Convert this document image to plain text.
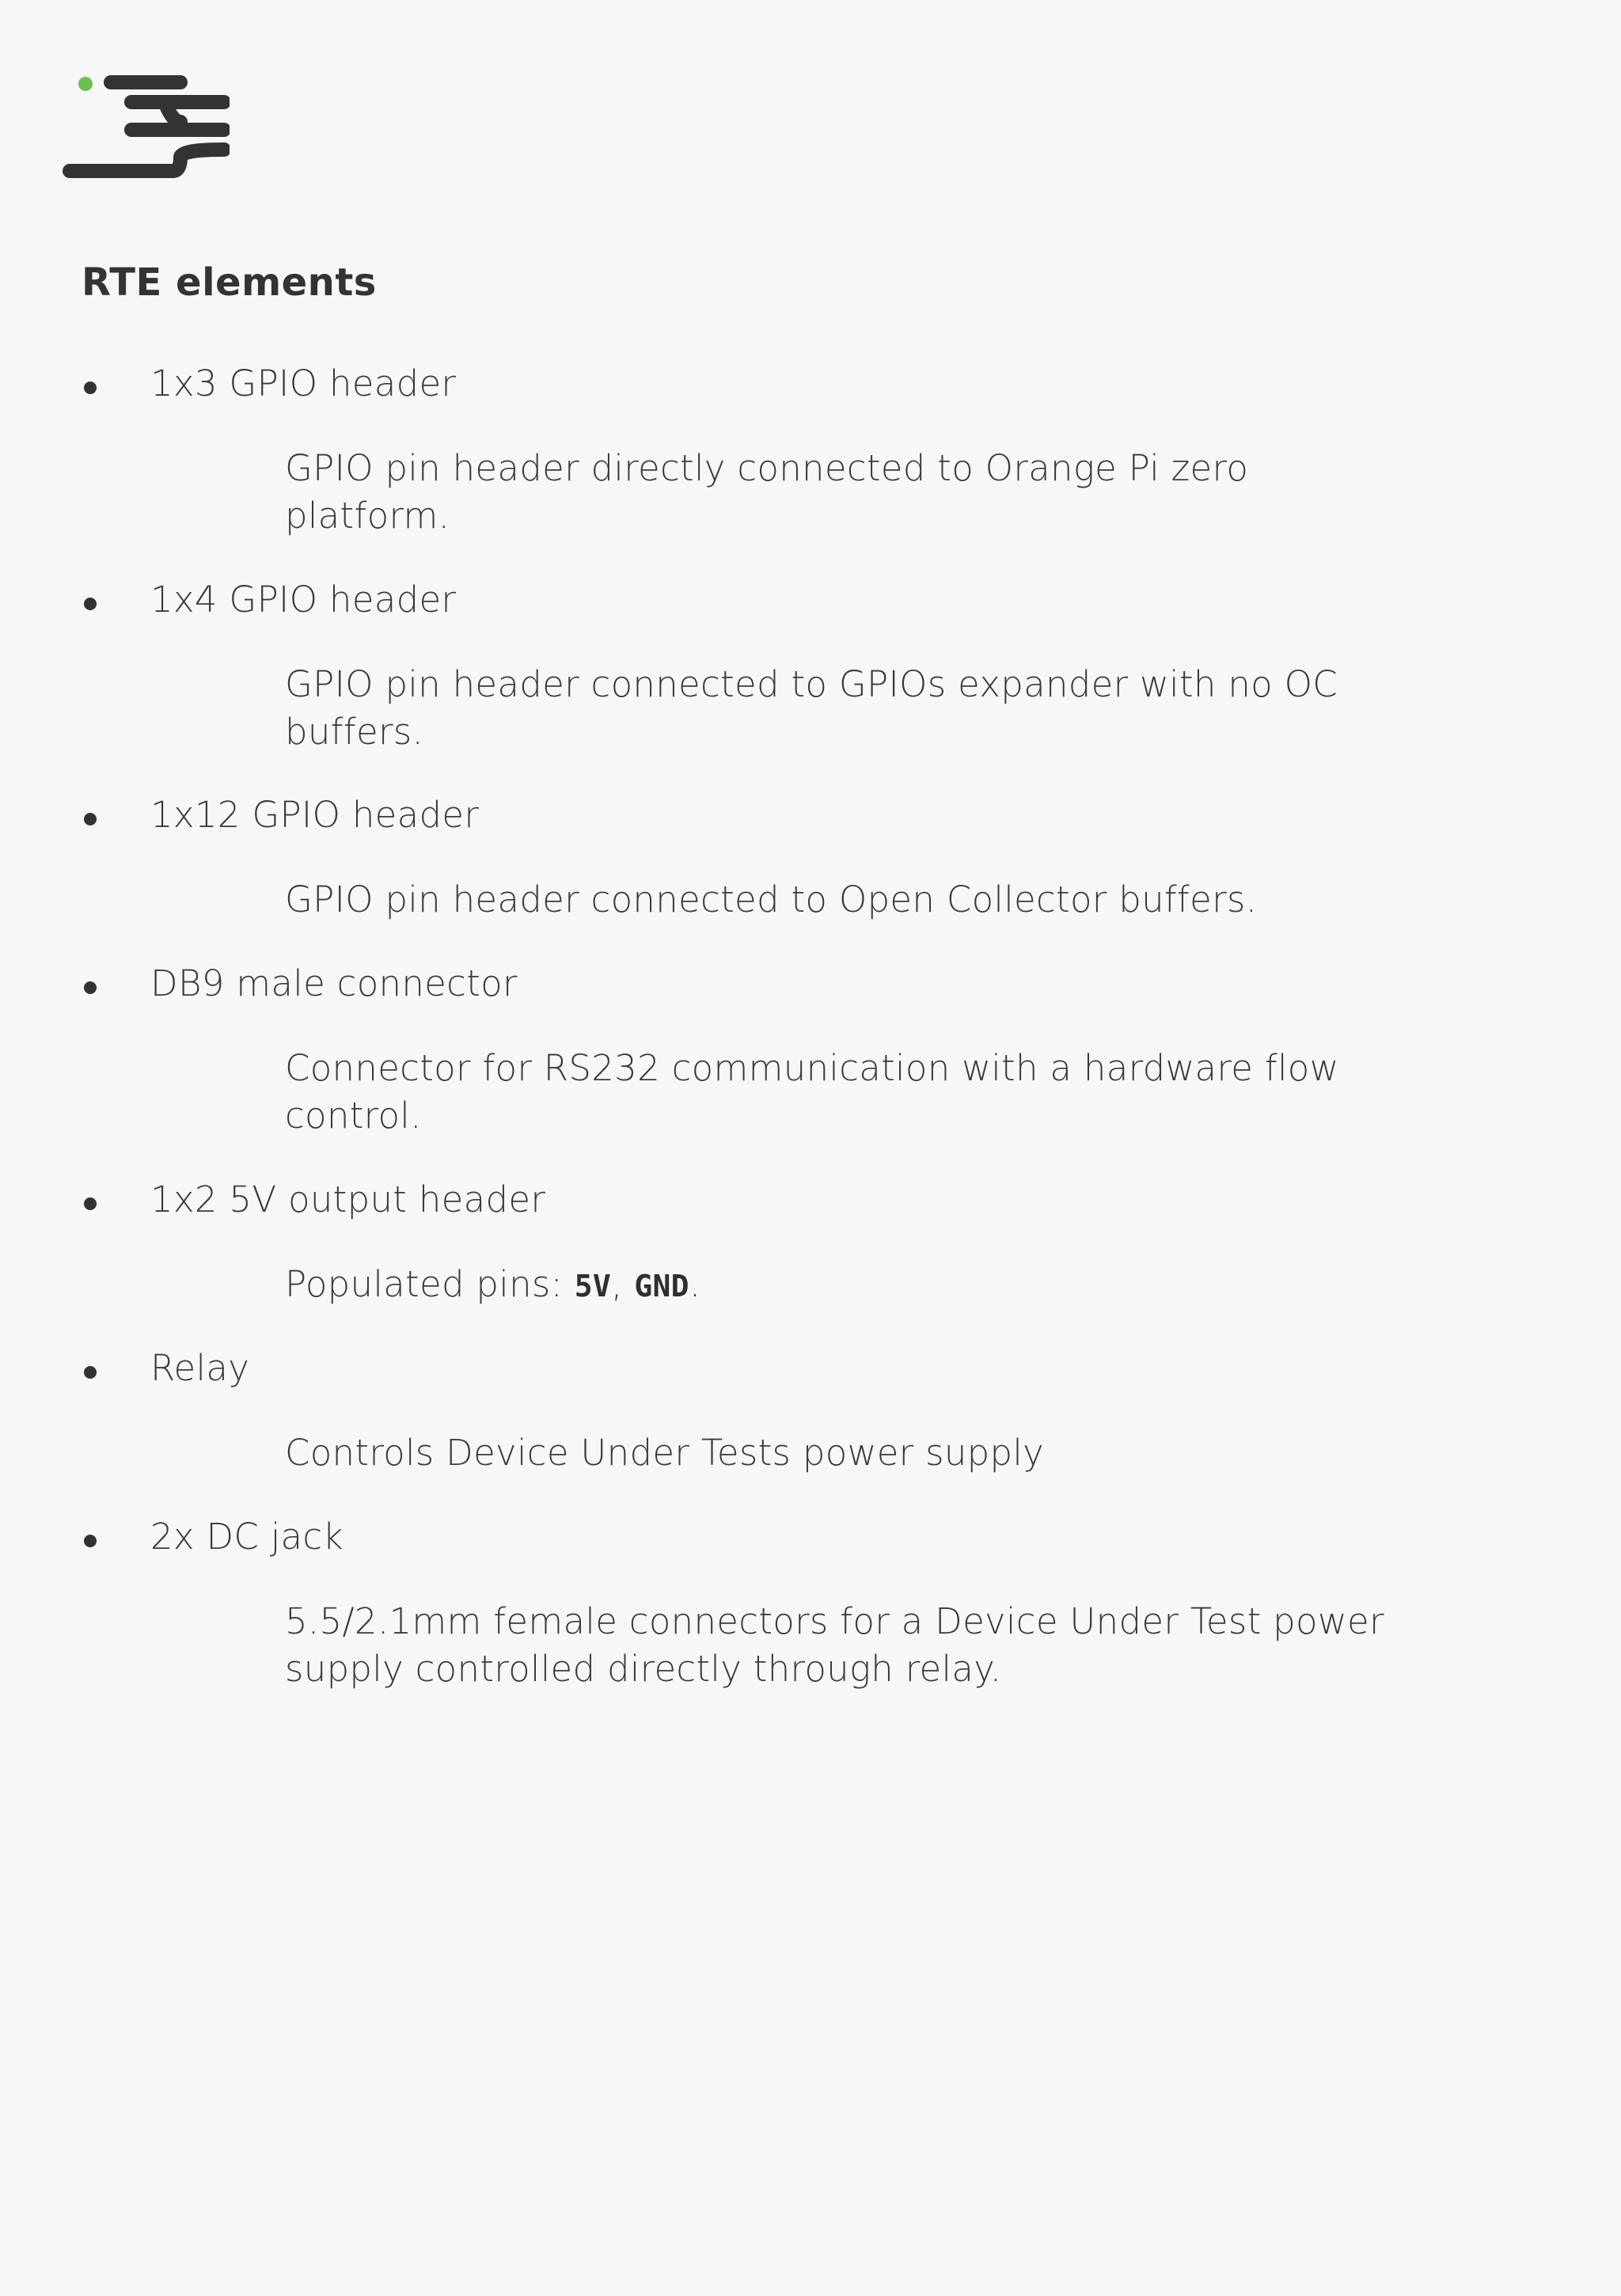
RTE elements
1x3 GPIO header
GPIO pin header directly connected to Orange Pi zero
platform.
1x4 GPIO header
GPIO pin header connected to GPIOs expander with no OC
buffers.
1x12 GPIO header
GPIO pin header connected to Open Collector buffers.
DB9 male connector
Connector for RS232 communication with a hardware flow
control.
1x2 5V output header
Populated pins: 5V, GND.
Relay
Controls Device Under Tests power supply
2x DC jack
5.5/2.1mm female connectors for a Device Under Test power
supply controlled directly through relay.
